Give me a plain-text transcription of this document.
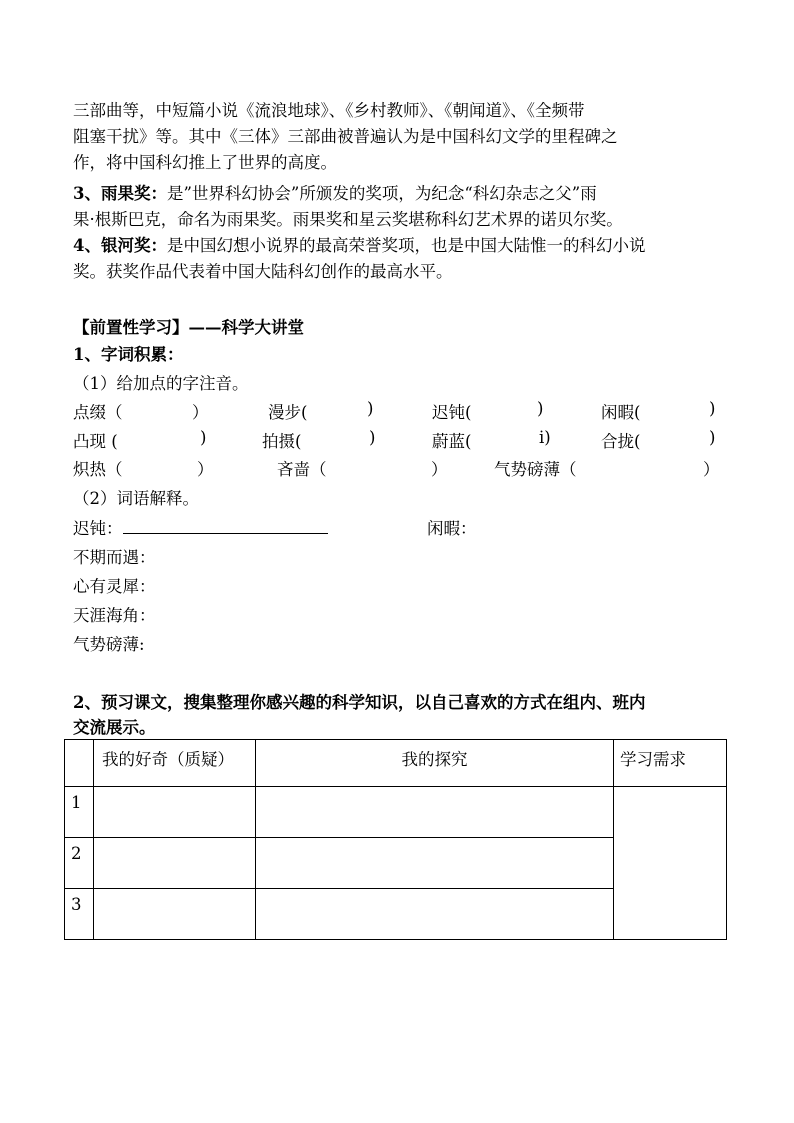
三部曲等，中短篇小说《流浪地球》、《乡村教师》、《朝闻道》、《全频带
阻塞干扰》等。其中《三体》三部曲被普遍认为是中国科幻文学的里程碑之
作，将中国科幻推上了世界的高度。
3、雨果奖：是”世界科幻协会”所颁发的奖项，为纪念“科幻杂志之父”雨
果·根斯巴克，命名为雨果奖。雨果奖和星云奖堪称科幻艺术界的诺贝尔奖。
4、银河奖：是中国幻想小说界的最高荣誉奖项，也是中国大陆惟一的科幻小说
奖。获奖作品代表着中国大陆科幻创作的最高水平。
【前置性学习】——科学大讲堂
1、字词积累：
（1）给加点的字注音。
点缀（	）	漫步(	)	迟钝(	)	闲暇(	)
凸现 (	)	拍摄(	)	蔚蓝(	i)	合拢(	)
炽热（	）	吝啬（	）	气势磅薄（	）
（2）词语解释。
迟钝：	闲暇：
不期而遇：
心有灵犀：
天涯海角：
气势磅薄:
2、预习课文，搜集整理你感兴趣的科学知识，以自己喜欢的方式在组内、班内
交流展示。
	我的好奇（质疑）	我的探究	学习需求
1			
2			
3			
